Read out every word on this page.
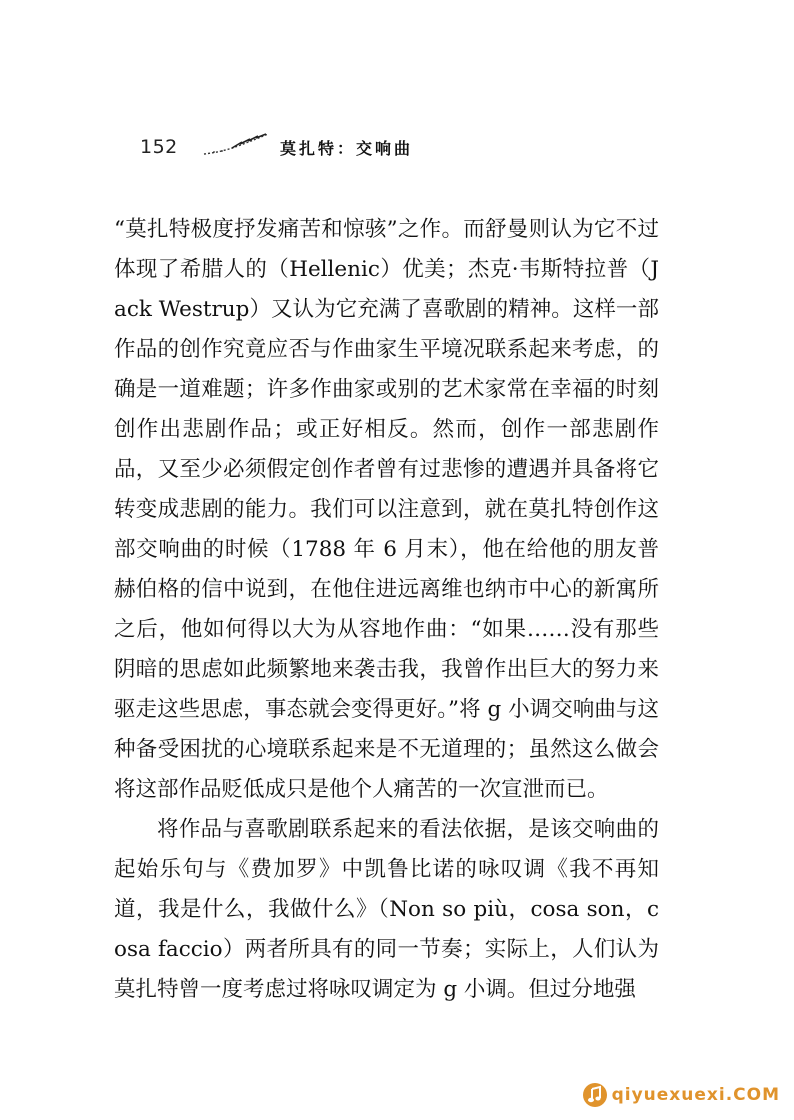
152	莫扎特：交响曲

“莫扎特极度抒发痛苦和惊骇”之作。而舒曼则认为它不过体现了希腊人的（Hellenic）优美；杰克·韦斯特拉普（Jack Westrup）又认为它充满了喜歌剧的精神。这样一部作品的创作究竟应否与作曲家生平境况联系起来考虑，的确是一道难题；许多作曲家或别的艺术家常在幸福的时刻创作出悲剧作品；或正好相反。然而，创作一部悲剧作品，又至少必须假定创作者曾有过悲惨的遭遇并具备将它转变成悲剧的能力。我们可以注意到，就在莫扎特创作这部交响曲的时候（1788 年 6 月末），他在给他的朋友普赫伯格的信中说到，在他住进远离维也纳市中心的新寓所之后，他如何得以大为从容地作曲：“如果……没有那些阴暗的思虑如此频繁地来袭击我，我曾作出巨大的努力来驱走这些思虑，事态就会变得更好。”将 g 小调交响曲与这种备受困扰的心境联系起来是不无道理的；虽然这么做会将这部作品贬低成只是他个人痛苦的一次宣泄而已。

将作品与喜歌剧联系起来的看法依据，是该交响曲的起始乐句与《费加罗》中凯鲁比诺的咏叹调《我不再知道，我是什么，我做什么》（Non so più，cosa son，cosa faccio）两者所具有的同一节奏；实际上，人们认为莫扎特曾一度考虑过将咏叹调定为 g 小调。但过分地强

qiyuexuexi.COM
